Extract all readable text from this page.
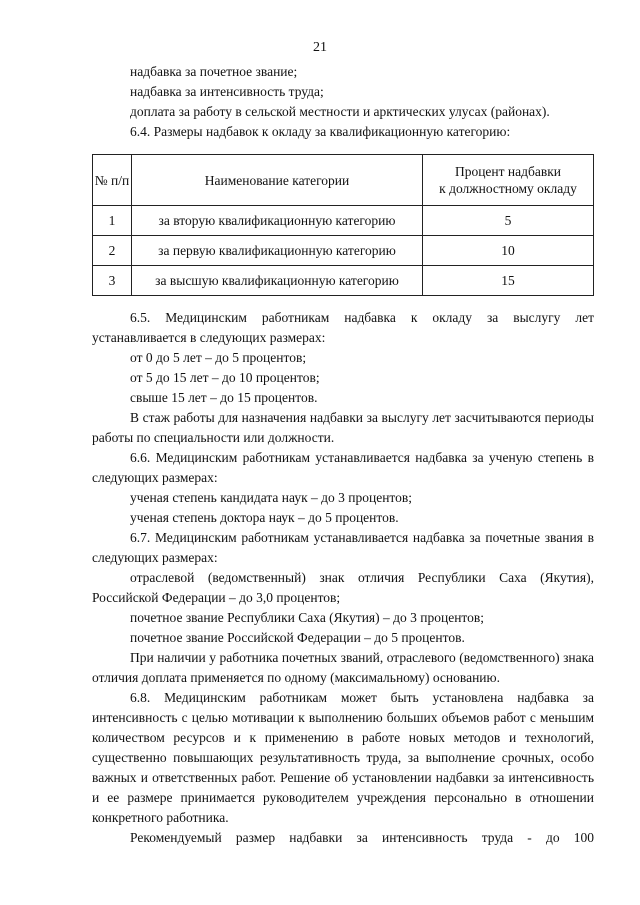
21
надбавка за почетное звание;
надбавка за интенсивность труда;
доплата за работу в сельской местности и арктических улусах (районах).
6.4. Размеры надбавок к окладу за квалификационную категорию:
№ п/п	Наименование категории	Процент надбавки
к должностному окладу

1	за вторую квалификационную категорию	5
2	за первую квалификационную категорию	10
3	за высшую квалификационную категорию	15

6.5. Медицинским работникам надбавка к окладу за выслугу лет устанавливается в следующих размерах:

от 0 до 5 лет – до 5 процентов;
от 5 до 15 лет – до 10 процентов;
свыше 15 лет – до 15 процентов.

В стаж работы для назначения надбавки за выслугу лет засчитываются периоды работы по специальности или должности.

6.6. Медицинским работникам устанавливается надбавка за ученую степень в следующих размерах:

ученая степень кандидата наук – до 3 процентов;
ученая степень доктора наук – до 5 процентов.

6.7. Медицинским работникам устанавливается надбавка за почетные звания в следующих размерах:

отраслевой (ведомственный) знак отличия Республики Саха (Якутия), Российской Федерации – до 3,0 процентов;

почетное звание Республики Саха (Якутия) – до 3 процентов;
почетное звание Российской Федерации – до 5 процентов.

При наличии у работника почетных званий, отраслевого (ведомственного) знака отличия доплата применяется по одному (максимальному) основанию.

6.8. Медицинским работникам может быть установлена надбавка за интенсивность с целью мотивации к выполнению больших объемов работ с меньшим количеством ресурсов и к применению в работе новых методов и технологий, существенно повышающих результативность труда, за выполнение срочных, особо важных и ответственных работ. Решение об установлении надбавки за интенсивность и ее размере принимается руководителем учреждения персонально в отношении конкретного работника.

Рекомендуемый размер надбавки за интенсивность труда - до 100
